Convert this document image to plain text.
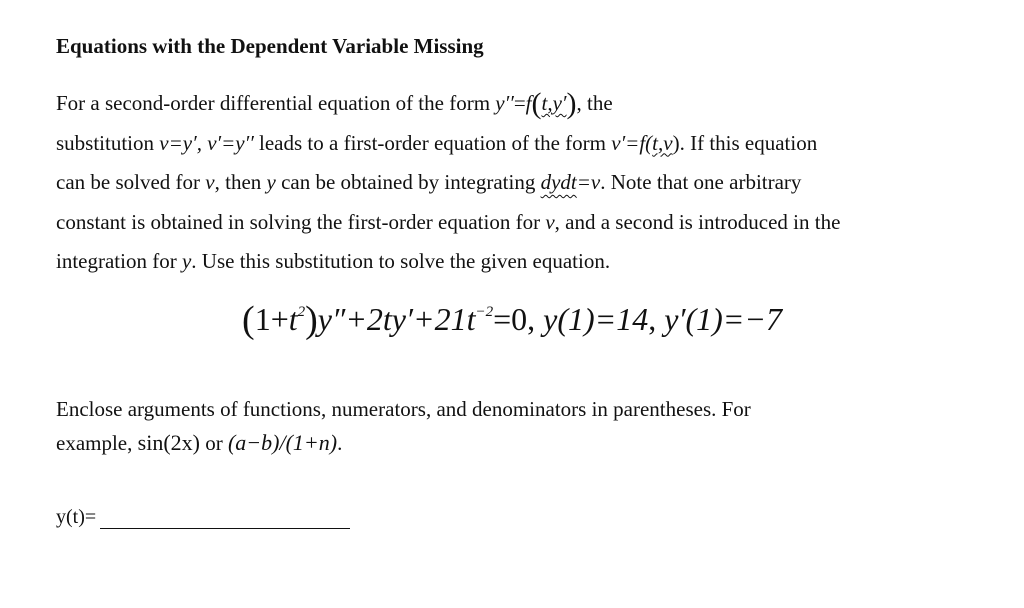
Equations with the Dependent Variable Missing
For a second-order differential equation of the form y′′=f(t,y′), the
substitution v=y′, v′=y′′ leads to a first-order equation of the form v′=f(t,v). If this equation
can be solved for v, then y can be obtained by integrating dydt=v. Note that one arbitrary
constant is obtained in solving the first-order equation for v, and a second is introduced in the
integration for y. Use this substitution to solve the given equation.
$(1+t^2)y''+2ty'+21t^{-2}=0$, y(1)=14, y′(1)=−7
Enclose arguments of functions, numerators, and denominators in parentheses. For
example, sin(2x) or (a−b)/(1+n).
y(t)=
